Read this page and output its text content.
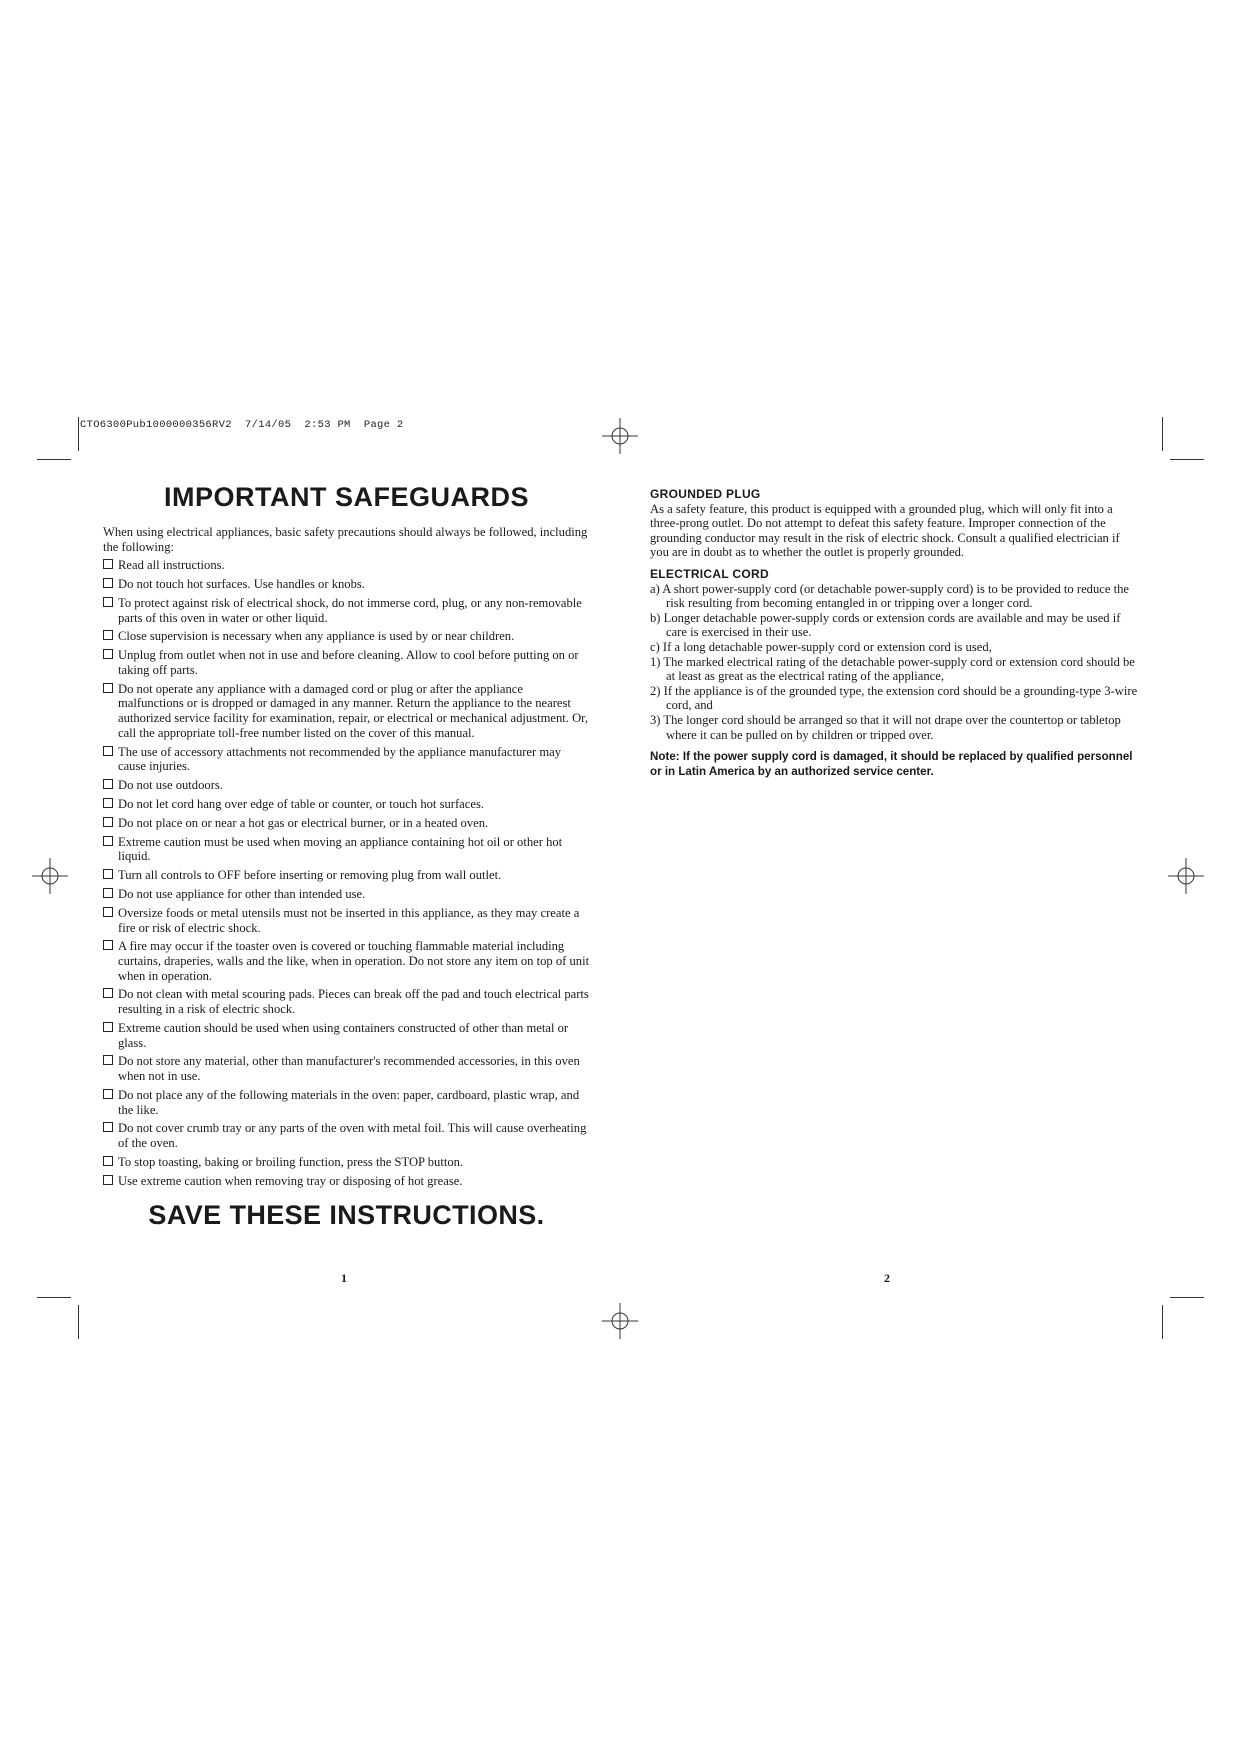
CTO6300Pub1000000356RV2  7/14/05  2:53 PM  Page 2
IMPORTANT SAFEGUARDS
When using electrical appliances, basic safety precautions should always be followed, including the following:
Read all instructions.
Do not touch hot surfaces. Use handles or knobs.
To protect against risk of electrical shock, do not immerse cord, plug, or any non-removable parts of this oven in water or other liquid.
Close supervision is necessary when any appliance is used by or near children.
Unplug from outlet when not in use and before cleaning. Allow to cool before putting on or taking off parts.
Do not operate any appliance with a damaged cord or plug or after the appliance malfunctions or is dropped or damaged in any manner. Return the appliance to the nearest authorized service facility for examination, repair, or electrical or mechanical adjustment. Or, call the appropriate toll-free number listed on the cover of this manual.
The use of accessory attachments not recommended by the appliance manufacturer may cause injuries.
Do not use outdoors.
Do not let cord hang over edge of table or counter, or touch hot surfaces.
Do not place on or near a hot gas or electrical burner, or in a heated oven.
Extreme caution must be used when moving an appliance containing hot oil or other hot liquid.
Turn all controls to OFF before inserting or removing plug from wall outlet.
Do not use appliance for other than intended use.
Oversize foods or metal utensils must not be inserted in this appliance, as they may create a fire or risk of electric shock.
A fire may occur if the toaster oven is covered or touching flammable material including curtains, draperies, walls and the like, when in operation. Do not store any item on top of unit when in operation.
Do not clean with metal scouring pads. Pieces can break off the pad and touch electrical parts resulting in a risk of electric shock.
Extreme caution should be used when using containers constructed of other than metal or glass.
Do not store any material, other than manufacturer's recommended accessories, in this oven when not in use.
Do not place any of the following materials in the oven: paper, cardboard, plastic wrap, and the like.
Do not cover crumb tray or any parts of the oven with metal foil. This will cause overheating of the oven.
To stop toasting, baking or broiling function, press the STOP button.
Use extreme caution when removing tray or disposing of hot grease.
SAVE THESE INSTRUCTIONS.
1
GROUNDED PLUG
As a safety feature, this product is equipped with a grounded plug, which will only fit into a three-prong outlet. Do not attempt to defeat this safety feature. Improper connection of the grounding conductor may result in the risk of electric shock. Consult a qualified electrician if you are in doubt as to whether the outlet is properly grounded.
ELECTRICAL CORD
a) A short power-supply cord (or detachable power-supply cord) is to be provided to reduce the risk resulting from becoming entangled in or tripping over a longer cord.
b) Longer detachable power-supply cords or extension cords are available and may be used if care is exercised in their use.
c) If a long detachable power-supply cord or extension cord is used,
1) The marked electrical rating of the detachable power-supply cord or extension cord should be at least as great as the electrical rating of the appliance,
2) If the appliance is of the grounded type, the extension cord should be a grounding-type 3-wire cord, and
3) The longer cord should be arranged so that it will not drape over the countertop or tabletop where it can be pulled on by children or tripped over.
Note: If the power supply cord is damaged, it should be replaced by qualified personnel or in Latin America by an authorized service center.
2
